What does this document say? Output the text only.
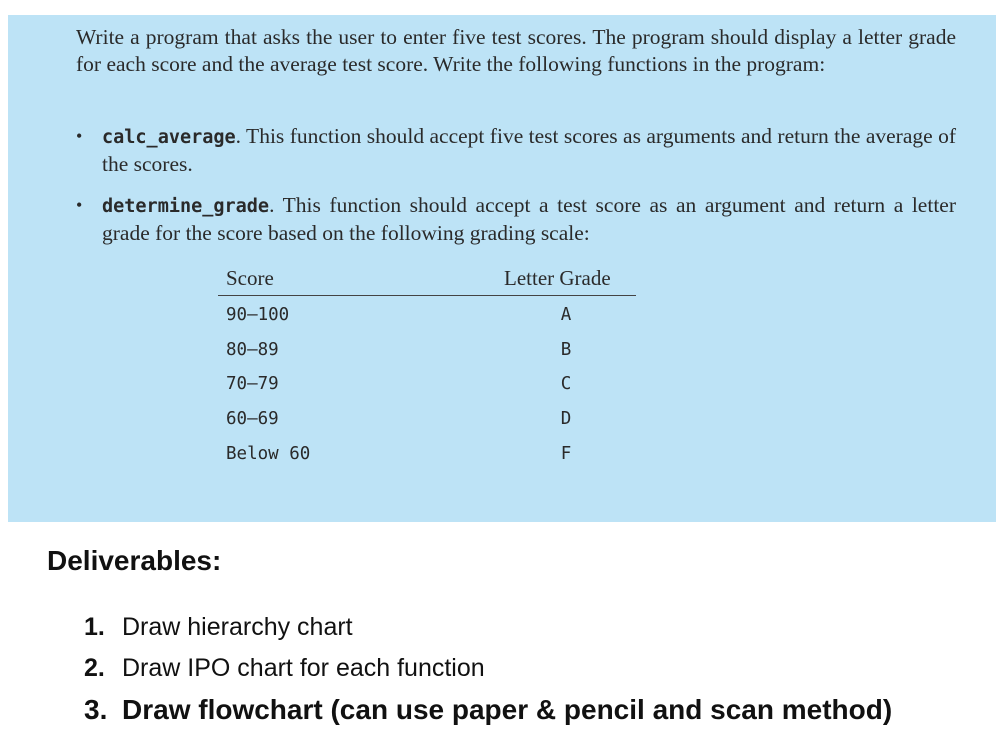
Write a program that asks the user to enter five test scores. The program should display a letter grade for each score and the average test score. Write the following functions in the program:

• calc_average. This function should accept five test scores as arguments and return the average of the scores.
• determine_grade. This function should accept a test score as an argument and return a letter grade for the score based on the following grading scale:
Score	Letter Grade
90–100	A
80–89	B
70–79	C
60–69	D
Below 60	F
Deliverables:
1. Draw hierarchy chart
2. Draw IPO chart for each function
3. Draw flowchart (can use paper & pencil and scan method)
